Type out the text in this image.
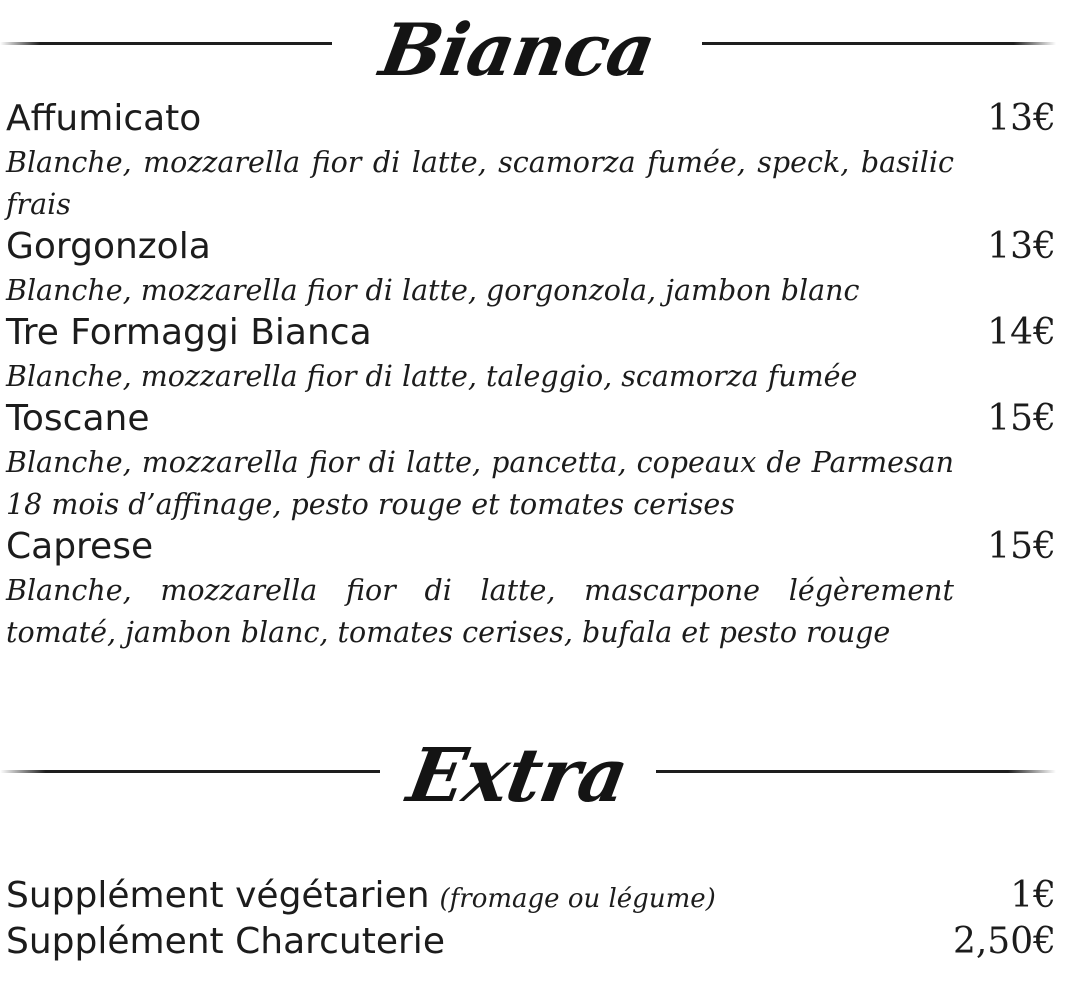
Bianca
Affumicato	13€
Blanche, mozzarella fior di latte, scamorza fumée, speck, basilic frais
Gorgonzola	13€
Blanche, mozzarella fior di latte, gorgonzola, jambon blanc
Tre Formaggi Bianca	14€
Blanche, mozzarella fior di latte, taleggio, scamorza fumée
Toscane	15€
Blanche, mozzarella fior di latte, pancetta, copeaux de Parmesan 18 mois d’affinage, pesto rouge et tomates cerises
Caprese	15€
Blanche, mozzarella fior di latte, mascarpone légèrement tomaté, jambon blanc, tomates cerises, bufala et pesto rouge
Extra
Supplément végétarien (fromage ou légume)	1€
Supplément Charcuterie	2,50€
